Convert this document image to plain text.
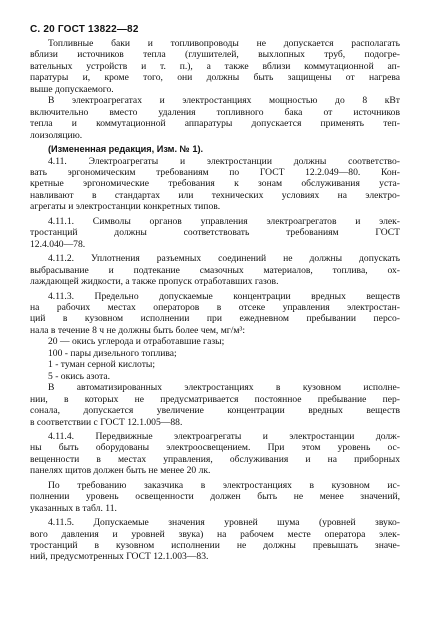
С. 20 ГОСТ 13822—82
Топливные баки и топливопроводы не допускается располагать
вблизи источников тепла (глушителей, выхлопных труб, подогре-
вательных устройств и т. п.), а также вблизи коммутационной ап-
паратуры и, кроме того, они должны быть защищены от нагрева
выше допускаемого.
В электроагрегатах и электростанциях мощностью до 8 кВт
включительно вместо удаления топливного бака от источников
тепла и коммутационной аппаратуры допускается применять теп-
лоизоляцию.
(Измененная редакция, Изм. № 1).
4.11. Электроагрегаты и электростанции должны соответство-
вать эргономическим требованиям по ГОСТ 12.2.049—80. Кон-
кретные эргономические требования к зонам обслуживания уста-
навливают в стандартах или технических условиях на электро-
агрегаты и электростанции конкретных типов.
4.11.1. Символы органов управления электроагрегатов и элек-
тростанций должны соответствовать требованиям ГОСТ
12.4.040—78.
4.11.2. Уплотнения разъемных соединений не должны допускать
выбрасывание и подтекание смазочных материалов, топлива, ох-
лаждающей жидкости, а также пропуск отработавших газов.
4.11.3. Предельно допускаемые концентрации вредных веществ
на рабочих местах операторов в отсеке управления электростан-
ций в кузовном исполнении при ежедневном пребывании персо-
нала в течение 8 ч не должны быть более чем, мг/м³:
20 — окись углерода и отработавшие газы;
100 - пары дизельного топлива;
1 - туман серной кислоты;
5 - окись азота.
В автоматизированных электростанциях в кузовном исполне-
нии, в которых не предусматривается постоянное пребывание пер-
сонала, допускается увеличение концентрации вредных веществ
в соответствии с ГОСТ 12.1.005—88.
4.11.4. Передвижные электроагрегаты и электростанции долж-
ны быть оборудованы электроосвещением. При этом уровень ос-
вещенности в местах управления, обслуживания и на приборных
панелях щитов должен быть не менее 20 лк.
По требованию заказчика в электростанциях в кузовном ис-
полнении уровень освещенности должен быть не менее значений,
указанных в табл. 11.
4.11.5. Допускаемые значения уровней шума (уровней звуко-
вого давления и уровней звука) на рабочем месте оператора элек-
тростанций в кузовном исполнении не должны превышать значе-
ний, предусмотренных ГОСТ 12.1.003—83.
